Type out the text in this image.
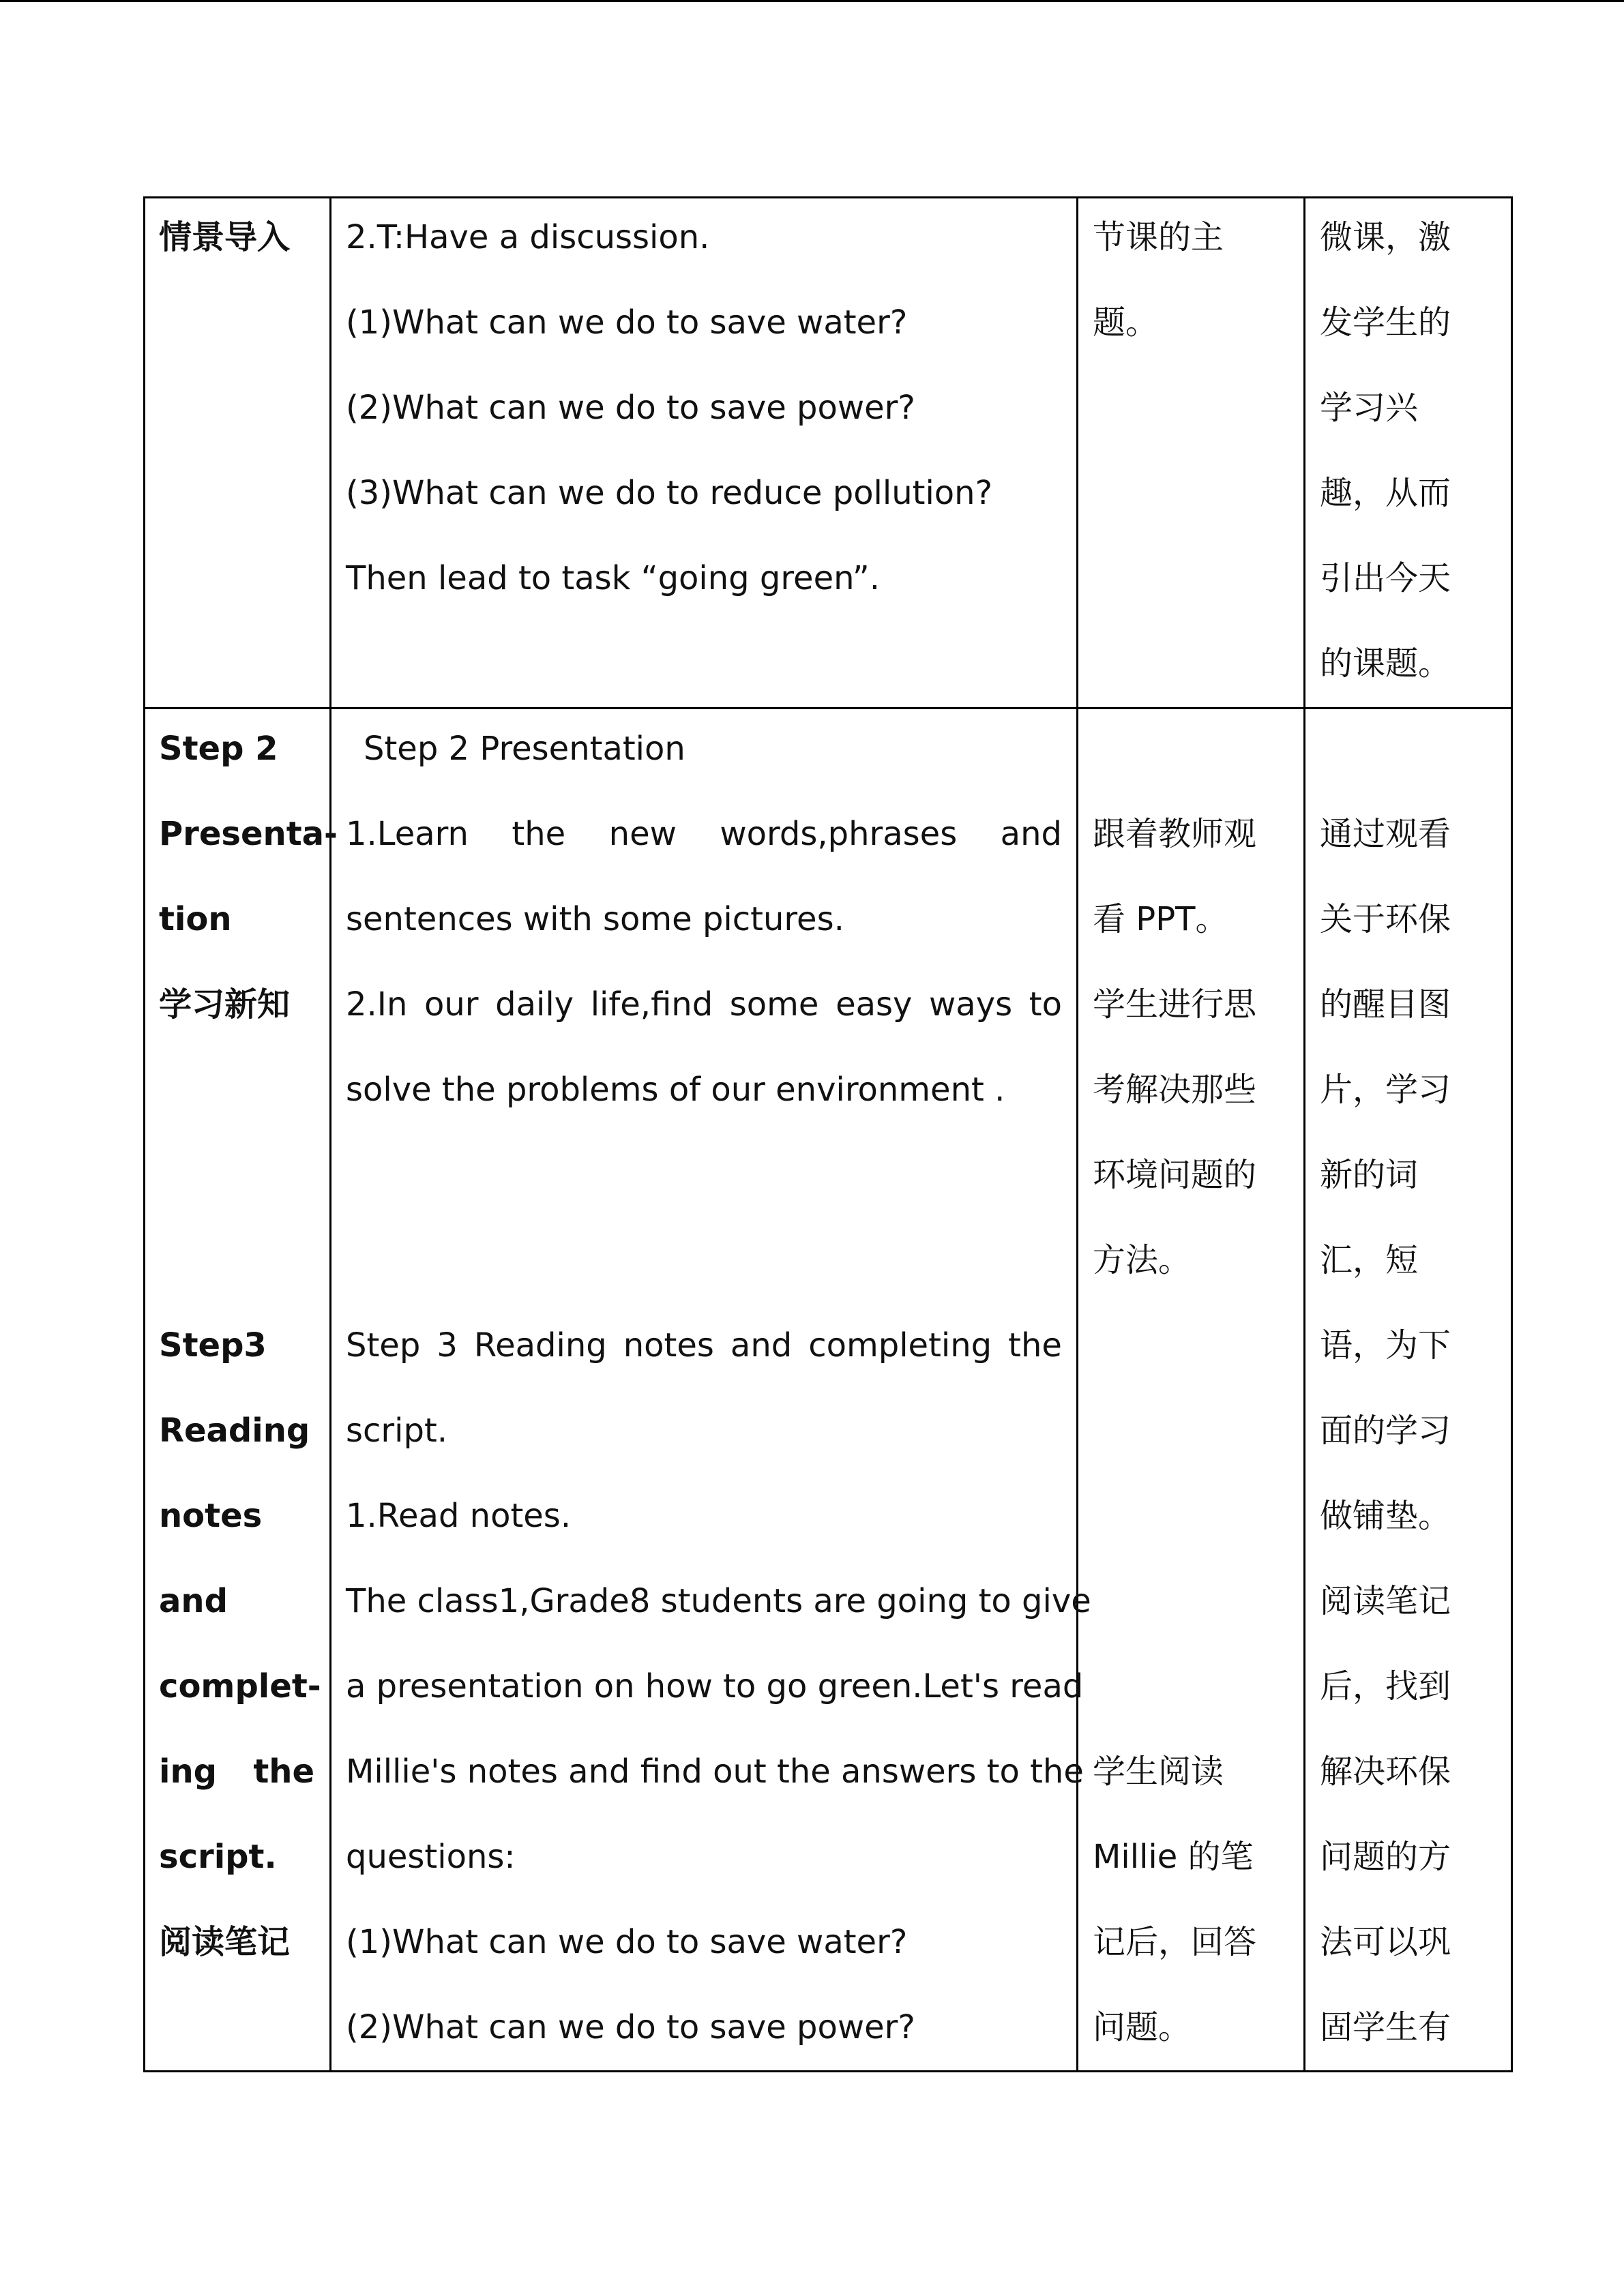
情景导入 2.T:Have a discussion.
(1)What can we do to save water?
(2)What can we do to save power?
(3)What can we do to reduce pollution?
Then lead to task “going green”.
节课的主
题。
微课，激
发学生的
学习兴
趣，从而
引出今天
的课题。
Step 2
Presenta-
tion
学习新知
Step3
Reading
notes
and
complet-
ing the
script.
阅读笔记
Step 2 Presentation
1.Learn the new words,phrases and
sentences with some pictures.
2.In our daily life,find some easy ways to
solve the problems of our environment .
Step 3 Reading notes and completing the
script.
1.Read notes.
The class1,Grade8 students are going to give
a presentation on how to go green.Let's read
Millie's notes and find out the answers to the
questions:
(1)What can we do to save water?
(2)What can we do to save power?
跟着教师观
看 PPT。
学生进行思
考解决那些
环境问题的
方法。
学生阅读
Millie 的笔
记后，回答
问题。
通过观看
关于环保
的醒目图
片，学习
新的词
汇，短
语，为下
面的学习
做铺垫。
阅读笔记
后，找到
解决环保
问题的方
法可以巩
固学生有
